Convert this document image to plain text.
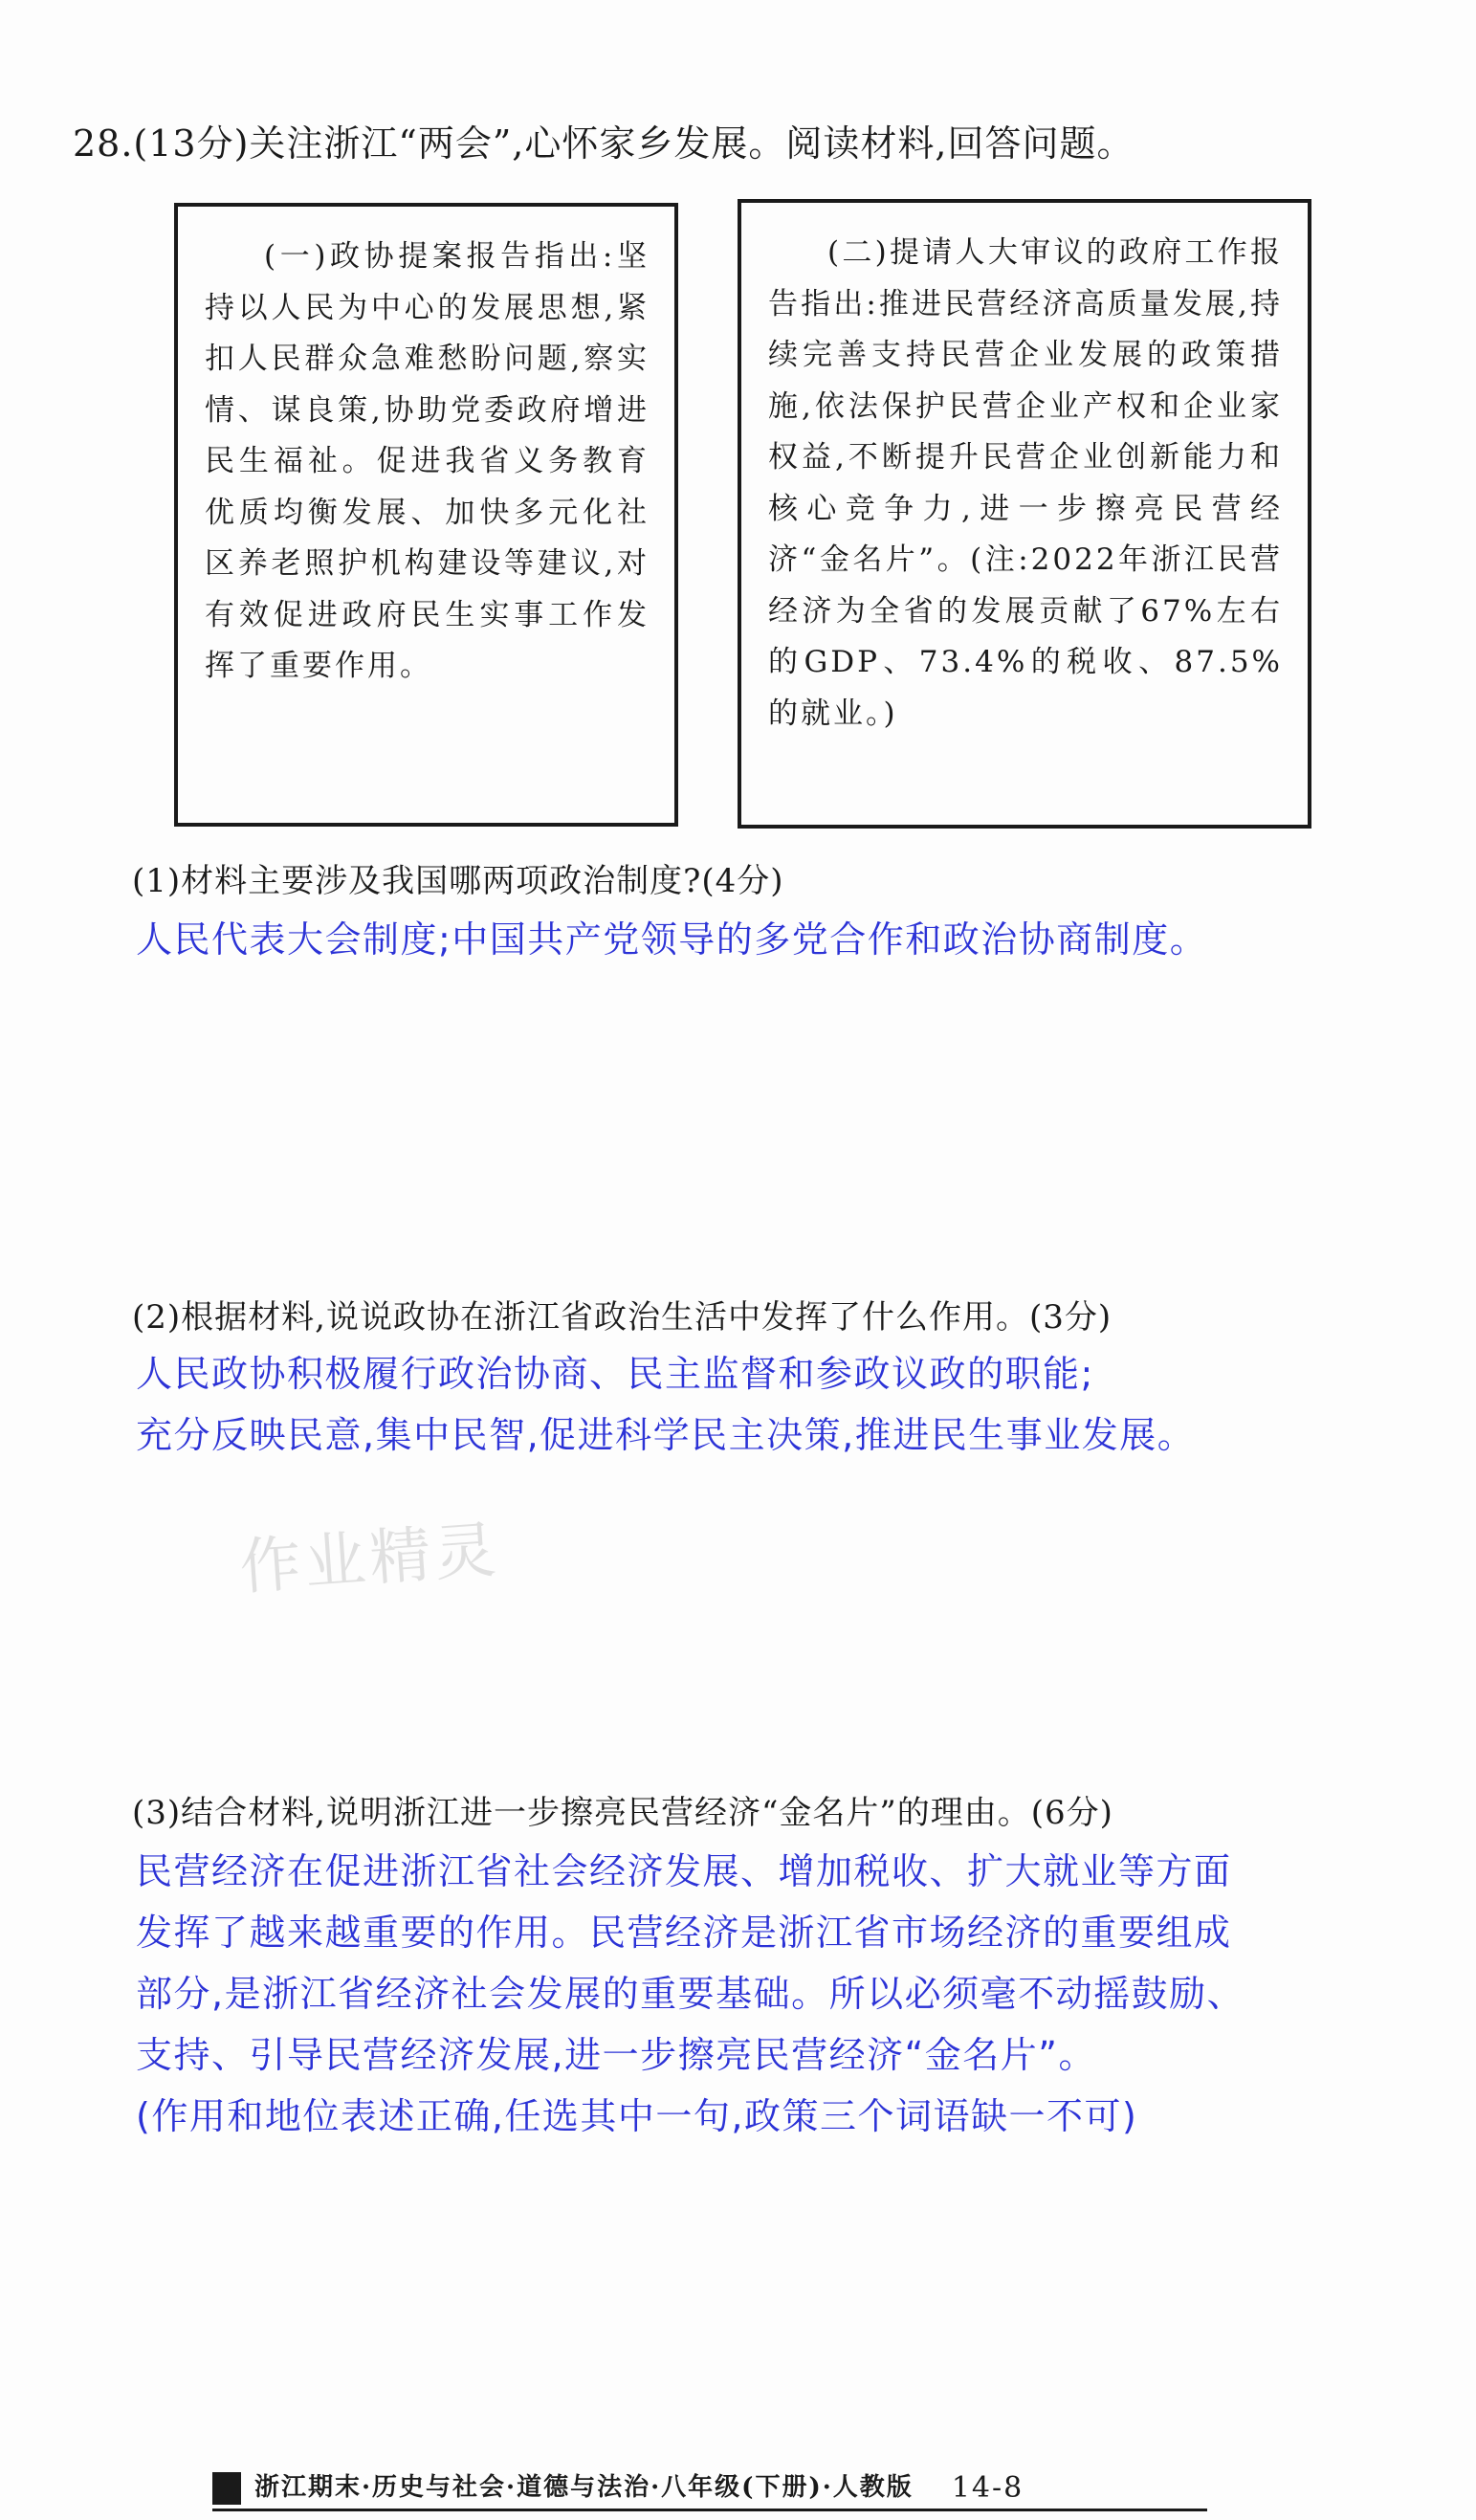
28.(13分)关注浙江“两会”,心怀家乡发展。阅读材料,回答问题。

(一)政协提案报告指出:坚持以人民为中心的发展思想,紧扣人民群众急难愁盼问题,察实情、谋良策,协助党委政府增进民生福祉。促进我省义务教育优质均衡发展、加快多元化社区养老照护机构建设等建议,对有效促进政府民生实事工作发挥了重要作用。

(二)提请人大审议的政府工作报告指出:推进民营经济高质量发展,持续完善支持民营企业发展的政策措施,依法保护民营企业产权和企业家权益,不断提升民营企业创新能力和核心竞争力,进一步擦亮民营经济“金名片”。(注:2022年浙江民营经济为全省的发展贡献了67%左右的GDP、73.4%的税收、87.5%的就业。)

(1)材料主要涉及我国哪两项政治制度?(4分)
人民代表大会制度;中国共产党领导的多党合作和政治协商制度。
(2)根据材料,说说政协在浙江省政治生活中发挥了什么作用。(3分)
人民政协积极履行政治协商、民主监督和参政议政的职能;
充分反映民意,集中民智,促进科学民主决策,推进民生事业发展。
作业精灵
(3)结合材料,说明浙江进一步擦亮民营经济“金名片”的理由。(6分)
民营经济在促进浙江省社会经济发展、增加税收、扩大就业等方面
发挥了越来越重要的作用。民营经济是浙江省市场经济的重要组成
部分,是浙江省经济社会发展的重要基础。所以必须毫不动摇鼓励、
支持、引导民营经济发展,进一步擦亮民营经济“金名片”。
(作用和地位表述正确,任选其中一句,政策三个词语缺一不可)
浙江期末·历史与社会·道德与法治·八年级(下册)·人教版 14-8
